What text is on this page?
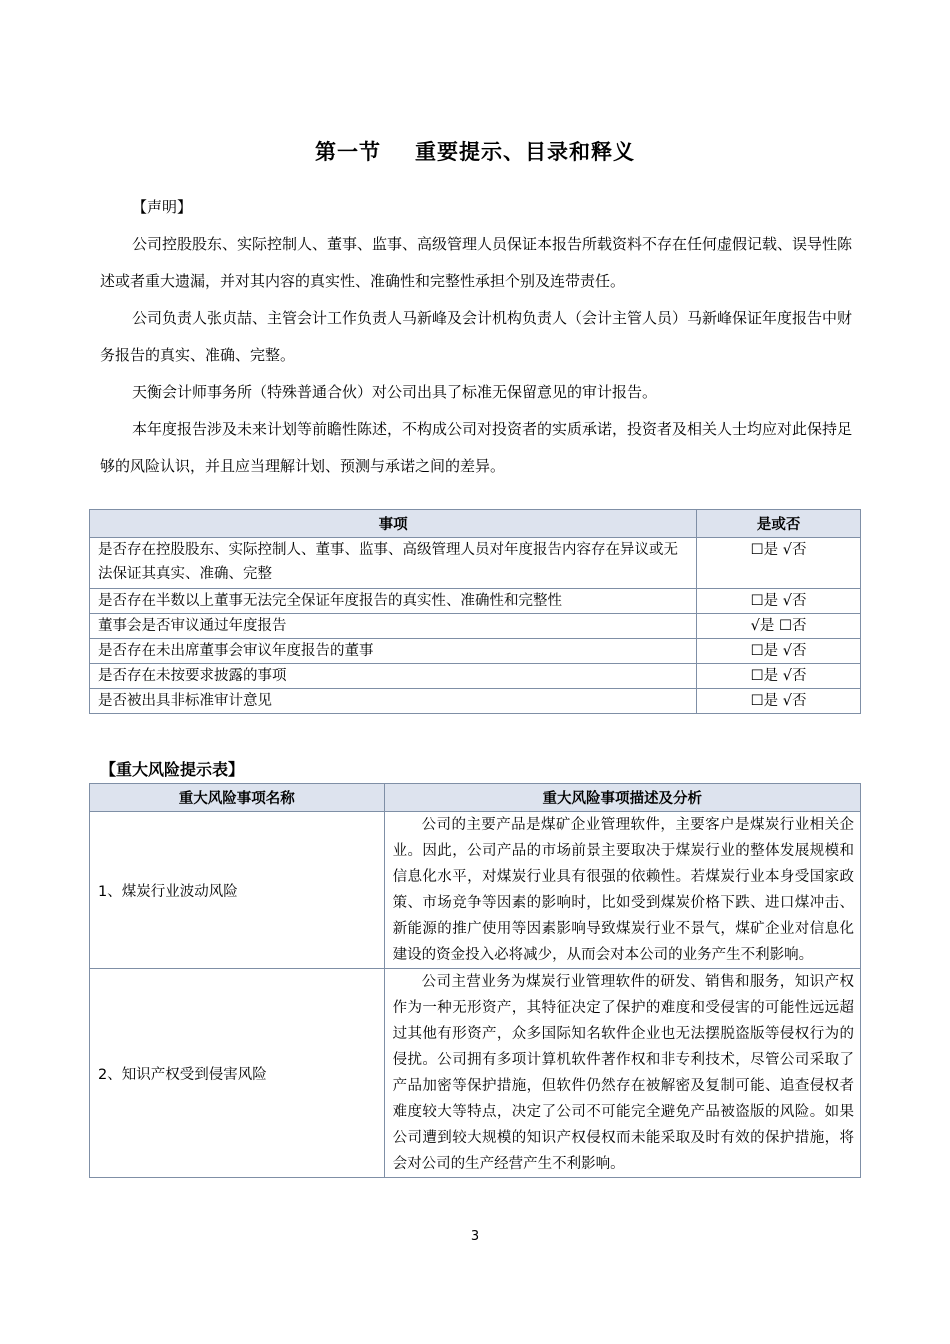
第一节 重要提示、目录和释义
【声明】
公司控股股东、实际控制人、董事、监事、高级管理人员保证本报告所载资料不存在任何虚假记载、误导性陈述或者重大遗漏，并对其内容的真实性、准确性和完整性承担个别及连带责任。
公司负责人张贞喆、主管会计工作负责人马新峰及会计机构负责人（会计主管人员）马新峰保证年度报告中财务报告的真实、准确、完整。
天衡会计师事务所（特殊普通合伙）对公司出具了标准无保留意见的审计报告。
本年度报告涉及未来计划等前瞻性陈述，不构成公司对投资者的实质承诺，投资者及相关人士均应对此保持足够的风险认识，并且应当理解计划、预测与承诺之间的差异。
事项	是或否
是否存在控股股东、实际控制人、董事、监事、高级管理人员对年度报告内容存在异议或无法保证其真实、准确、完整	☐是 √否
是否存在半数以上董事无法完全保证年度报告的真实性、准确性和完整性	☐是 √否
董事会是否审议通过年度报告	√是 ☐否
是否存在未出席董事会审议年度报告的董事	☐是 √否
是否存在未按要求披露的事项	☐是 √否
是否被出具非标准审计意见	☐是 √否
【重大风险提示表】
重大风险事项名称	重大风险事项描述及分析
1、煤炭行业波动风险	公司的主要产品是煤矿企业管理软件，主要客户是煤炭行业相关企业。因此，公司产品的市场前景主要取决于煤炭行业的整体发展规模和信息化水平，对煤炭行业具有很强的依赖性。若煤炭行业本身受国家政策、市场竞争等因素的影响时，比如受到煤炭价格下跌、进口煤冲击、新能源的推广使用等因素影响导致煤炭行业不景气，煤矿企业对信息化建设的资金投入必将减少，从而会对本公司的业务产生不利影响。
2、知识产权受到侵害风险	公司主营业务为煤炭行业管理软件的研发、销售和服务，知识产权作为一种无形资产，其特征决定了保护的难度和受侵害的可能性远远超过其他有形资产，众多国际知名软件企业也无法摆脱盗版等侵权行为的侵扰。公司拥有多项计算机软件著作权和非专利技术，尽管公司采取了产品加密等保护措施，但软件仍然存在被解密及复制可能、追查侵权者难度较大等特点，决定了公司不可能完全避免产品被盗版的风险。如果公司遭到较大规模的知识产权侵权而未能采取及时有效的保护措施，将会对公司的生产经营产生不利影响。
3
